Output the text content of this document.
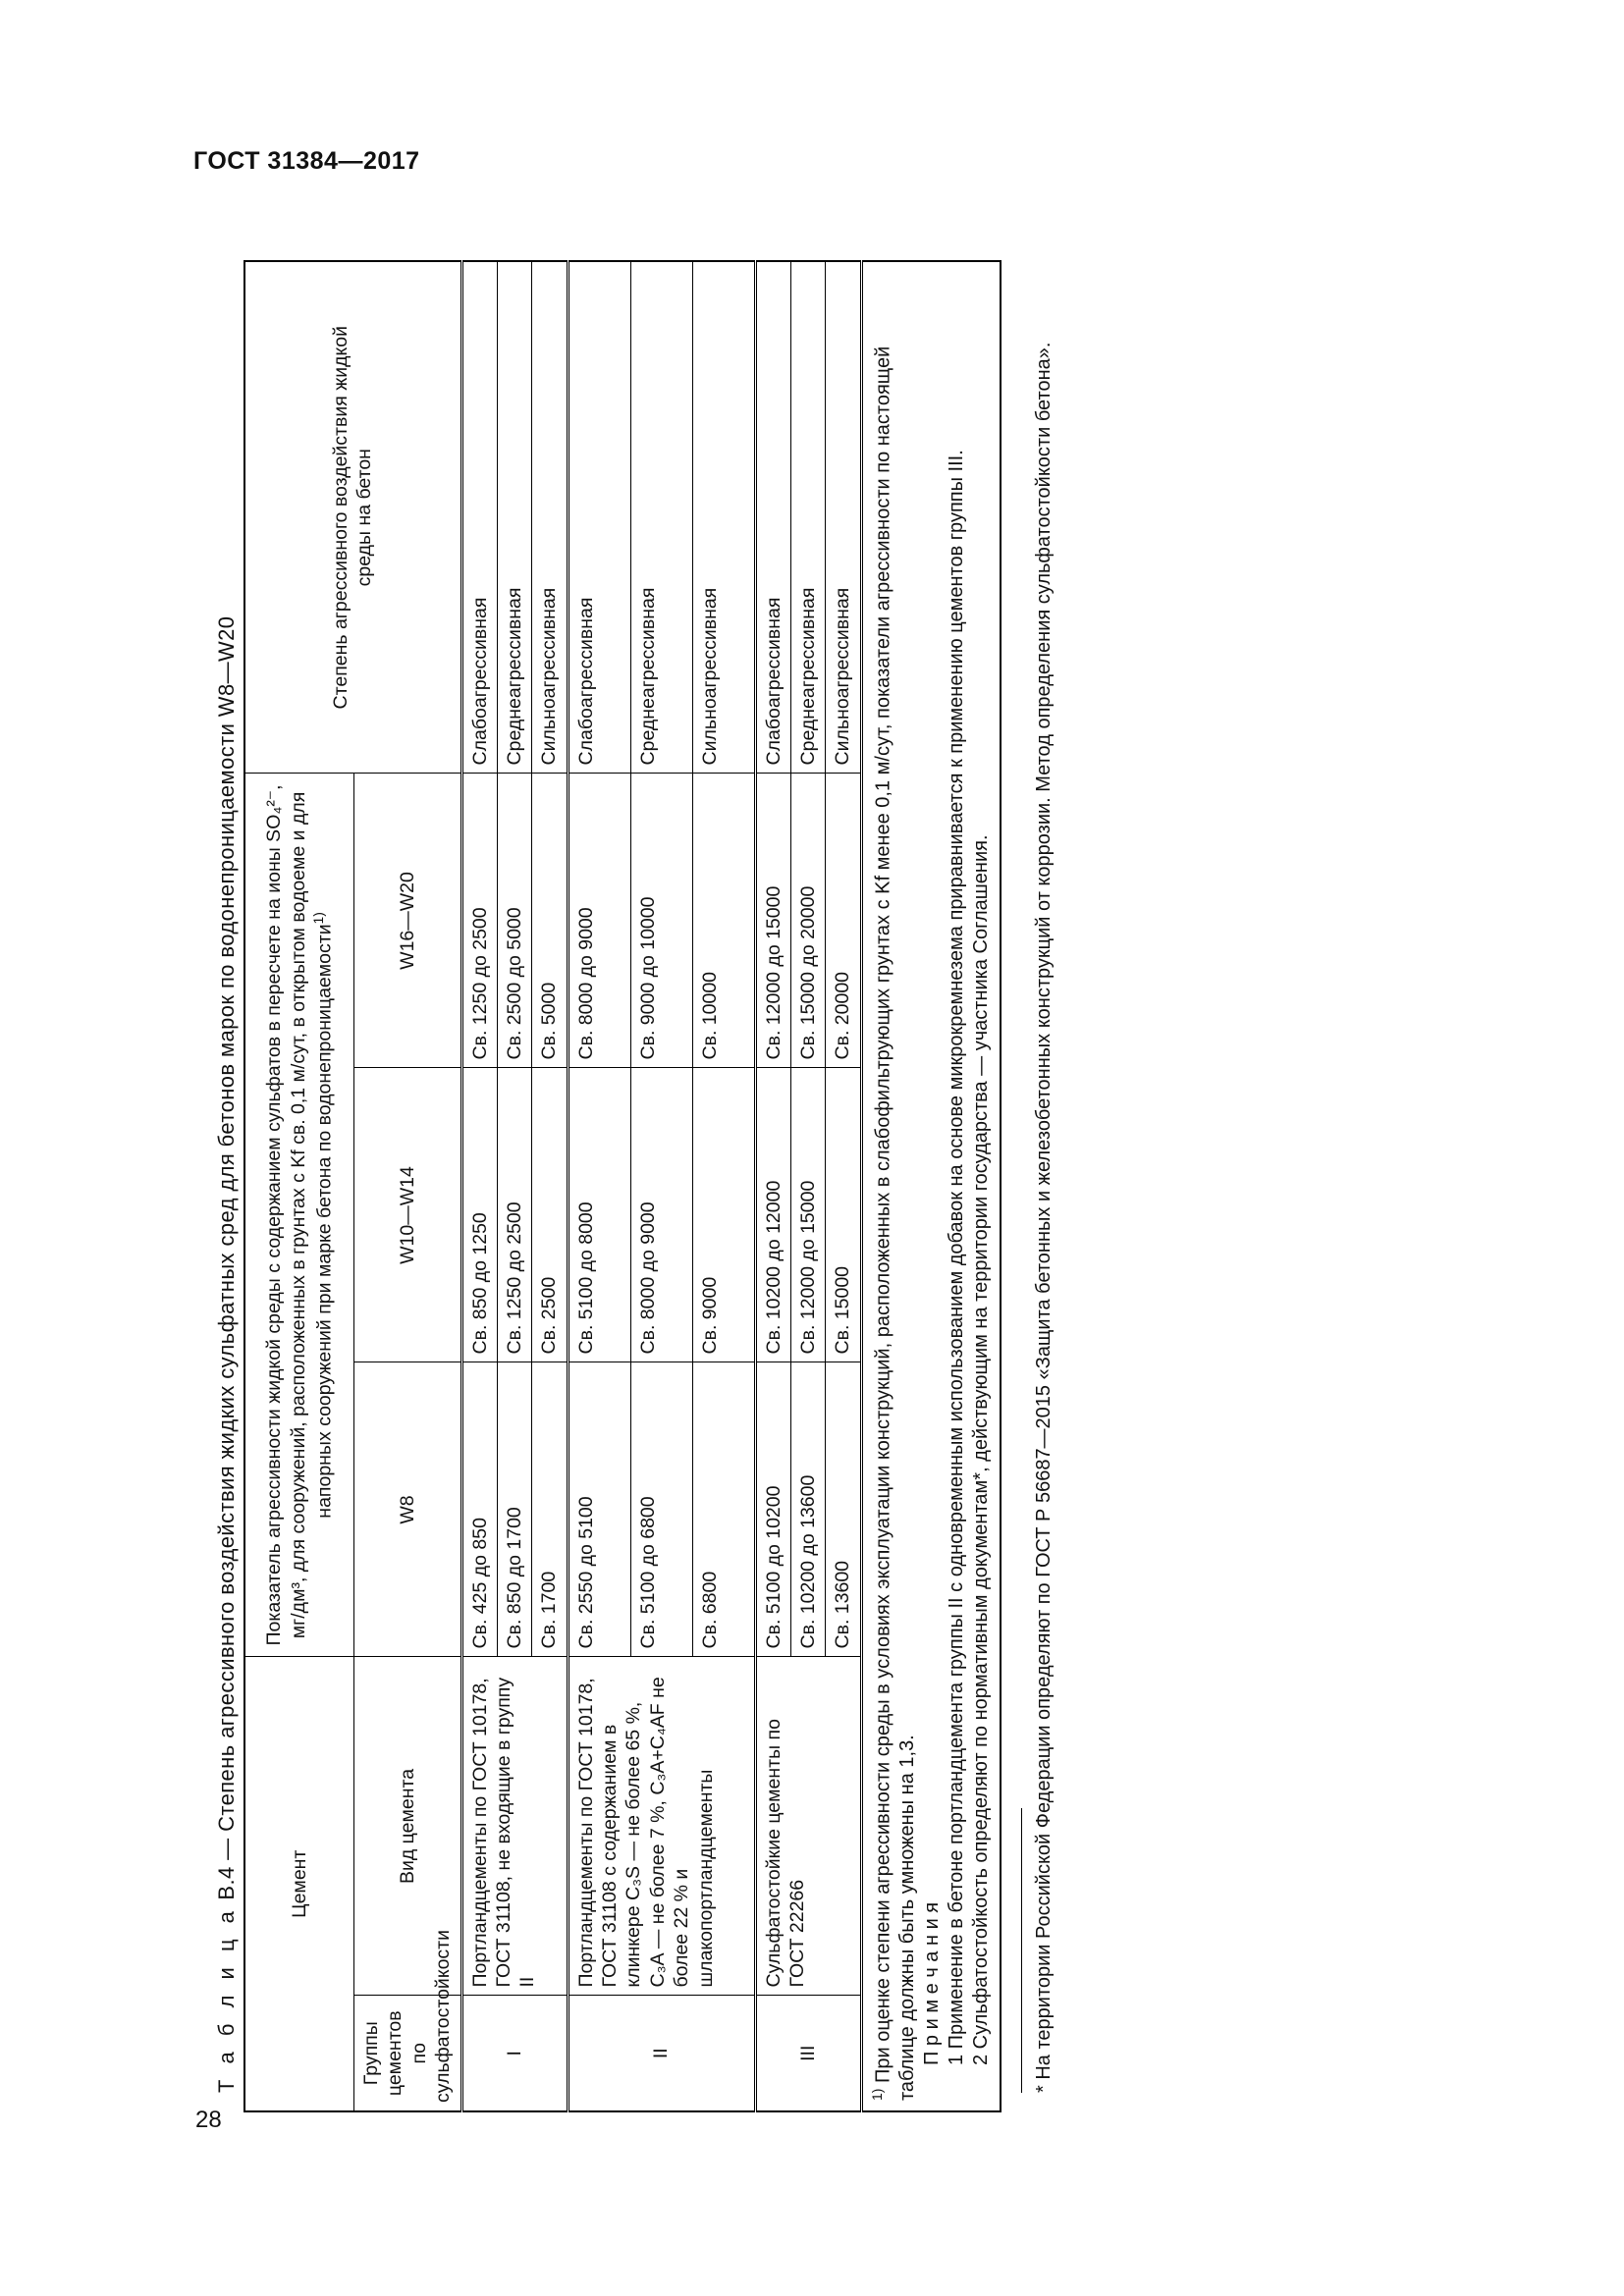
ГОСТ 31384—2017
28
Т а б л и ц а В.4 — Степень агрессивного воздействия жидких сульфатных сред для бетонов марок по водонепроницаемости W8—W20	Цемент		Показатель агрессивности жидкой среды с содержанием сульфатов в пересчете на ионы SO₄²⁻, мг/дм³, для сооружений, расположенных в грунтах с Kf св. 0,1 м/сут, в открытом водоеме и для напорных сооружений при марке бетона по водонепроницаемости$^{1)}$			Степень агрессивного воздействия жидкой среды на бетон
Группы цементов по сульфатостойкости	Вид цемента	W8	W10—W14	W16—W20	
I	Портландцементы по ГОСТ 10178, ГОСТ 31108, не входящие в группу II	Св. 425 до 850	Св. 850 до 1250	Св. 1250 до 2500	Слабоагрессивная
		Св. 850 до 1700	Св. 1250 до 2500	Св. 2500 до 5000	Среднеагрессивная
		Св. 1700	Св. 2500	Св. 5000	Сильноагрессивная
II	Портландцементы по ГОСТ 10178, ГОСТ 31108 с содержанием в клинкере C₃S — не более 65 %, C₃A — не более 7 %, C₃A+C₄AF не более 22 % и шлакопортландцементы	Св. 2550 до 5100	Св. 5100 до 8000	Св. 8000 до 9000	Слабоагрессивная
		Св. 5100 до 6800	Св. 8000 до 9000	Св. 9000 до 10000	Среднеагрессивная
		Св. 6800	Св. 9000	Св. 10000	Сильноагрессивная
III	Сульфатостойкие цементы по ГОСТ 22266	Св. 5100 до 10200	Св. 10200 до 12000	Св. 12000 до 15000	Слабоагрессивная
		Св. 10200 до 13600	Св. 12000 до 15000	Св. 15000 до 20000	Среднеагрессивная
		Св. 13600	Св. 15000	Св. 20000	Сильноагрессивная

$^{1)}$ При оценке степени агрессивности среды в условиях эксплуатации конструкций, расположенных в слабофильтрующих грунтах с Kf менее 0,1 м/сут, показатели агрессивности по настоящей таблице должны быть умножены на 1,3. П р и м е ч а н и я 1 Применение в бетоне портландцемента группы II с одновременным использованием добавок на основе микрокремнезема приравнивается к применению цементов группы III. 2 Сульфатостойкость определяют по нормативным документам*, действующим на территории государства — участника Соглашения.					* На территории Российской Федерации определяют по ГОСТ Р 56687—2015 «Защита бетонных и железобетонных конструкций от коррозии. Метод определения сульфатостойкости бетона».
